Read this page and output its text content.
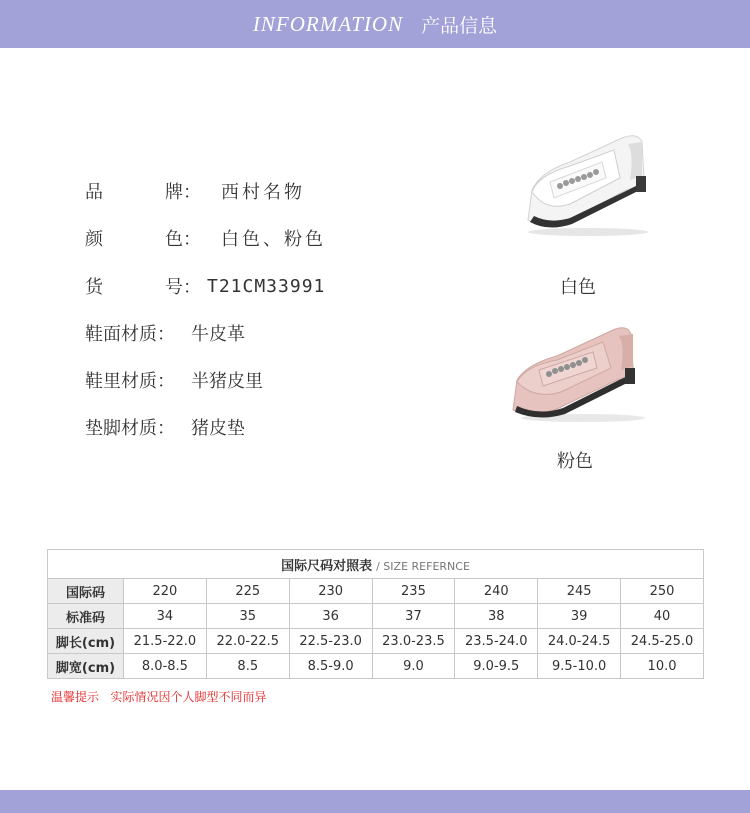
INFORMATION 产品信息
品	牌：	西村名物
颜	色：	白色、粉色
货	号： T21CM33991
鞋面材质： 牛皮革
鞋里材质： 半猪皮里
垫脚材质： 猪皮垫
白色
粉色
国际尺码对照表 / SIZE REFERNCE							
国际码	220	225	230	235	240	245	250
标准码	34	35	36	37	38	39	40
脚长(cm)	21.5-22.0	22.0-22.5	22.5-23.0	23.0-23.5	23.5-24.0	24.0-24.5	24.5-25.0
脚宽(cm)	8.0-8.5	8.5	8.5-9.0	9.0	9.0-9.5	9.5-10.0	10.0
温馨提示   实际情况因个人脚型不同而异
